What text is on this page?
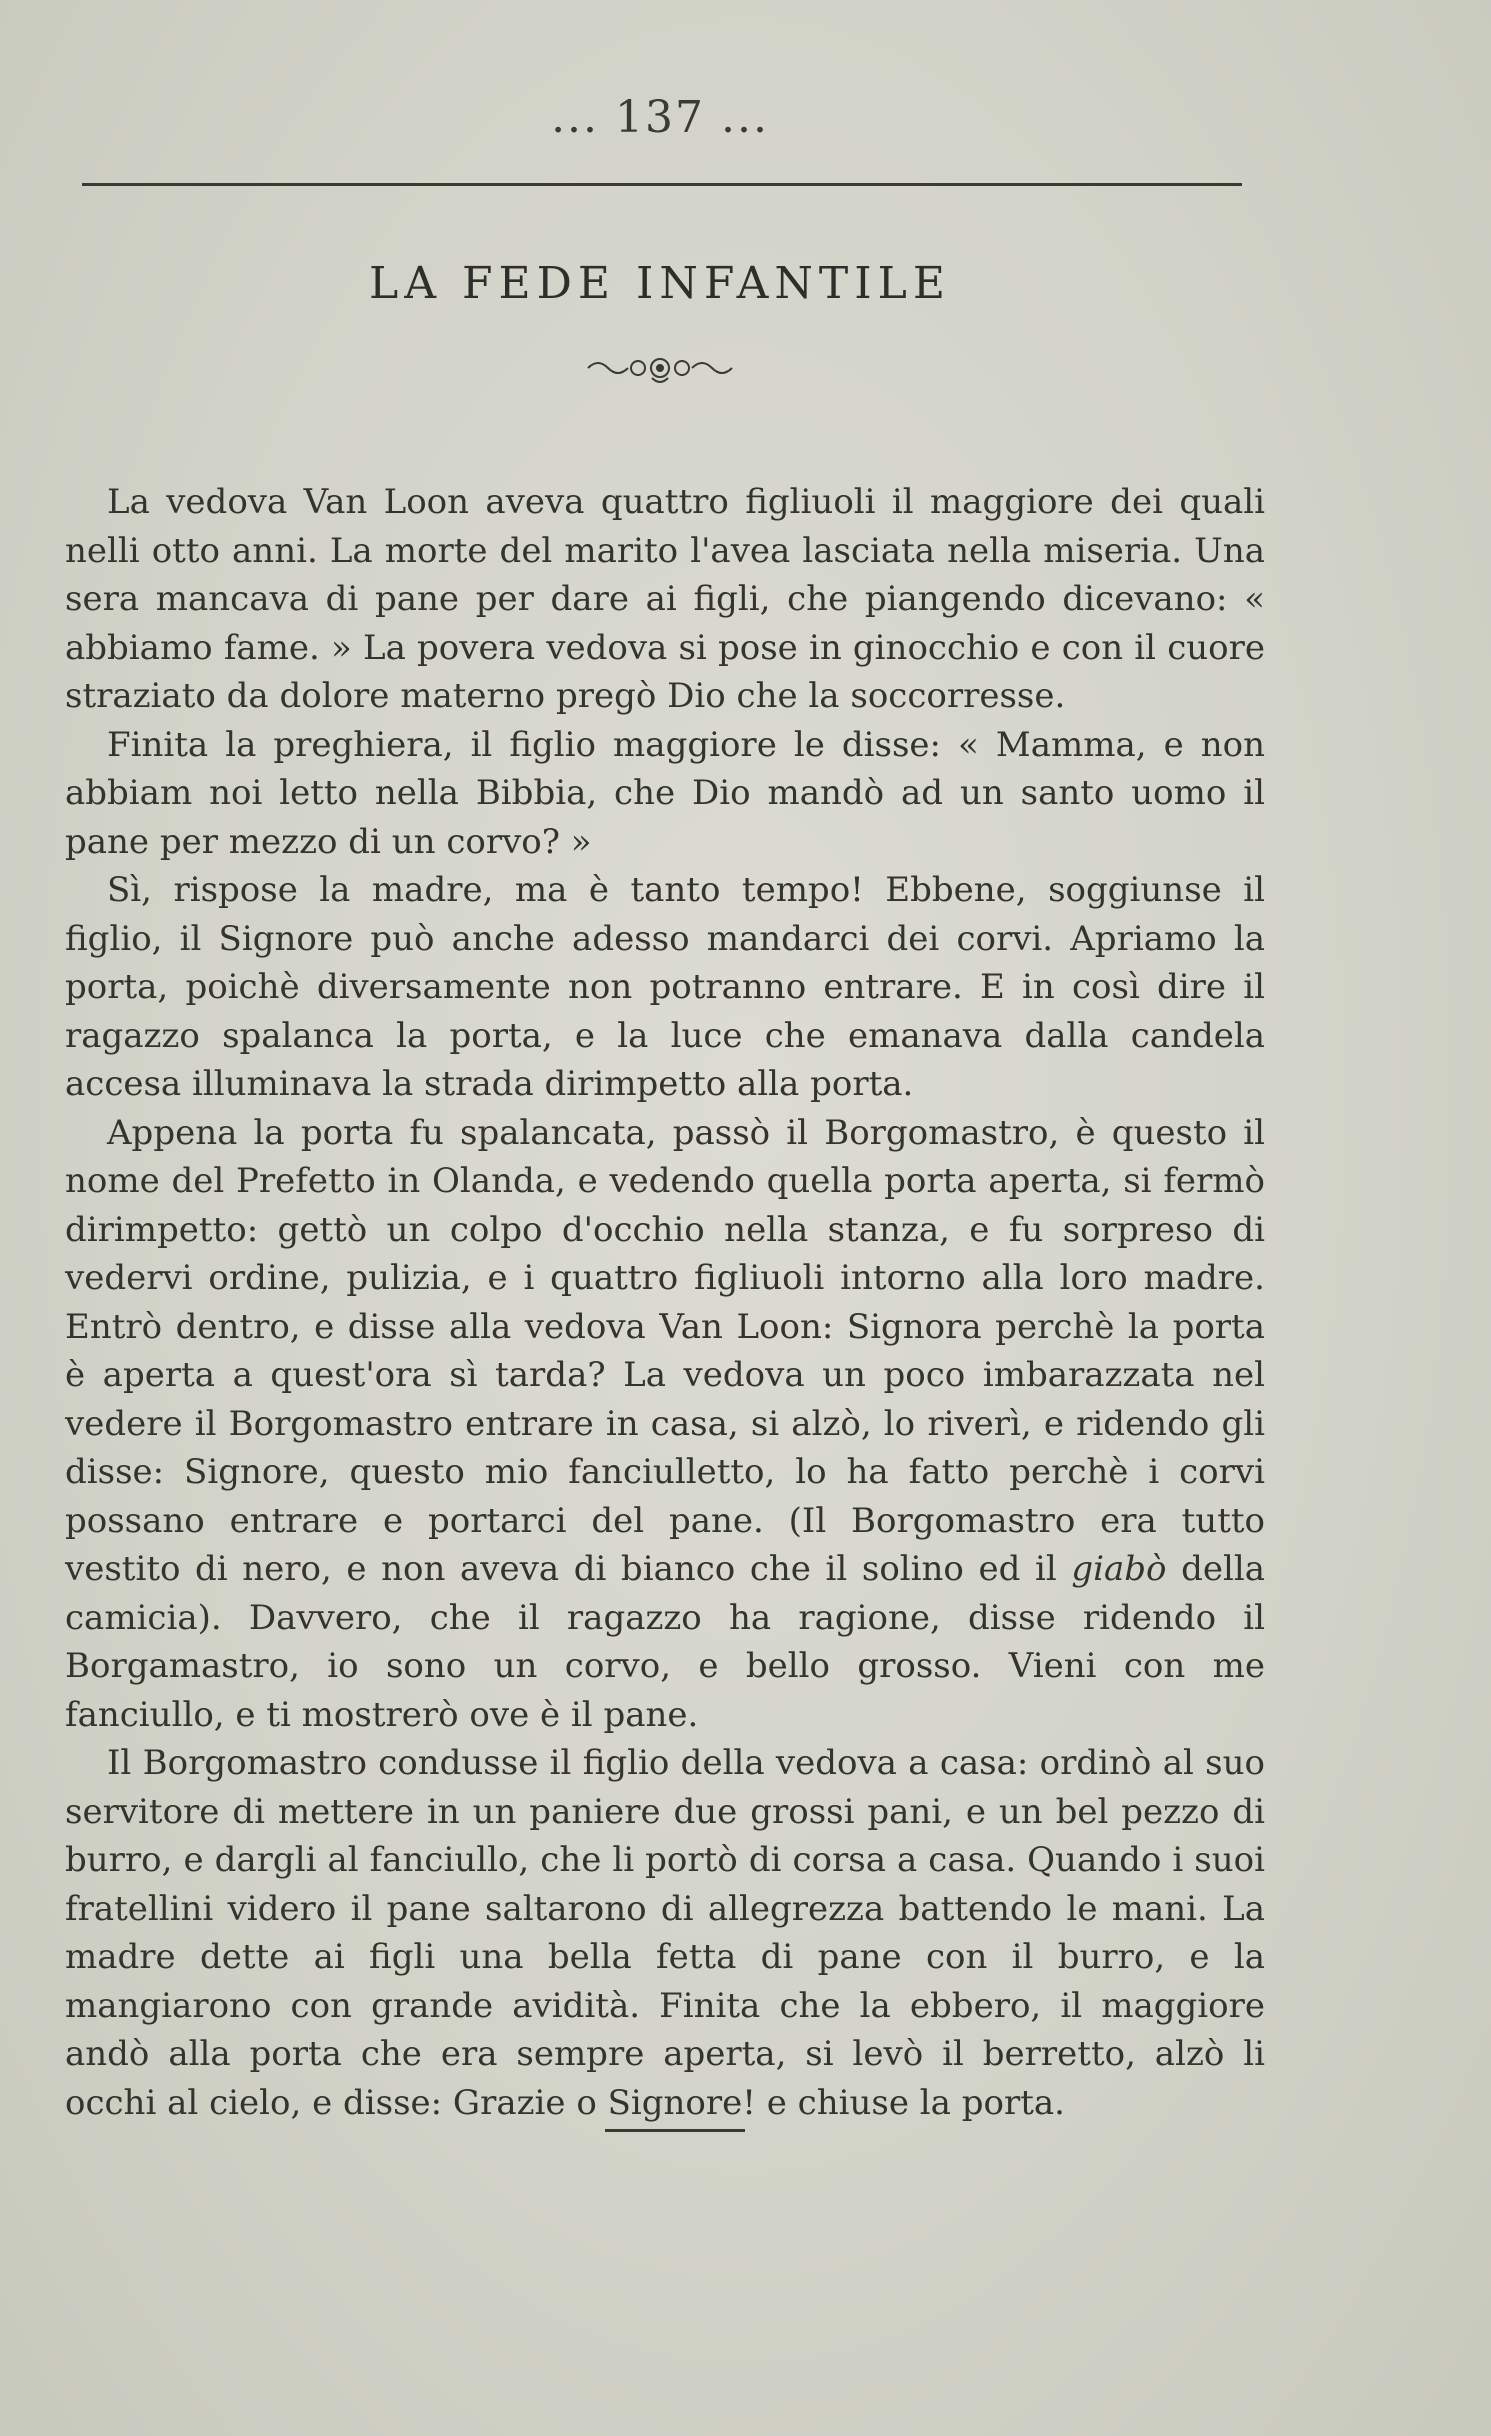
... 137 ...
LA FEDE INFANTILE

La vedova Van Loon aveva quattro figliuoli il maggiore dei quali nelli otto anni. La morte del marito l'avea lasciata nella miseria. Una sera mancava di pane per dare ai figli, che piangendo dicevano: « abbiamo fame. » La povera vedova si pose in ginocchio e con il cuore straziato da dolore materno pregò Dio che la soccorresse.

Finita la preghiera, il figlio maggiore le disse: « Mamma, e non abbiam noi letto nella Bibbia, che Dio mandò ad un santo uomo il pane per mezzo di un corvo? »

Sì, rispose la madre, ma è tanto tempo! Ebbene, soggiunse il figlio, il Signore può anche adesso mandarci dei corvi. Apriamo la porta, poichè diversamente non potranno entrare. E in così dire il ragazzo spalanca la porta, e la luce che emanava dalla candela accesa illuminava la strada dirimpetto alla porta.

Appena la porta fu spalancata, passò il Borgomastro, è questo il nome del Prefetto in Olanda, e vedendo quella porta aperta, si fermò dirimpetto: gettò un colpo d'occhio nella stanza, e fu sorpreso di vedervi ordine, pulizia, e i quattro figliuoli intorno alla loro madre. Entrò dentro, e disse alla vedova Van Loon: Signora perchè la porta è aperta a quest'ora sì tarda? La vedova un poco imbarazzata nel vedere il Borgomastro entrare in casa, si alzò, lo riverì, e ridendo gli disse: Signore, questo mio fanciulletto, lo ha fatto perchè i corvi possano entrare e portarci del pane. (Il Borgomastro era tutto vestito di nero, e non aveva di bianco che il solino ed il giabò della camicia). Davvero, che il ragazzo ha ragione, disse ridendo il Borgamastro, io sono un corvo, e bello grosso. Vieni con me fanciullo, e ti mostrerò ove è il pane.

Il Borgomastro condusse il figlio della vedova a casa: ordinò al suo servitore di mettere in un paniere due grossi pani, e un bel pezzo di burro, e dargli al fanciullo, che li portò di corsa a casa. Quando i suoi fratellini videro il pane saltarono di allegrezza battendo le mani. La madre dette ai figli una bella fetta di pane con il burro, e la mangiarono con grande avidità. Finita che la ebbero, il maggiore andò alla porta che era sempre aperta, si levò il berretto, alzò li occhi al cielo, e disse: Grazie o Signore! e chiuse la porta.
